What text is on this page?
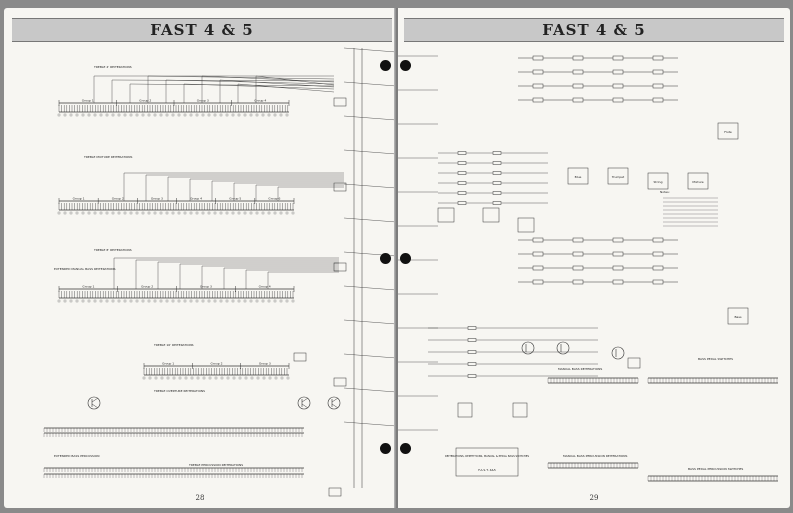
FAST 4 & 5
TREBLE 4' REITERATIONS
TREBLE MIXTURE REITERATIONS
TREBLE 8' REITERATIONS
EXTENDED MANUAL BASS REITERATIONS
TREBLE 16' REITERATIONS
TREBLE OVERTURE REITERATIONS
EXTENDED BASS PERCUSSION
TREBLE PERCUSSION REITERATIONS
Group 1	Group 2	Group 3	Group 4
Group 1	Group 2	Group 3	Group 4	Group 5	Group 6
Group 1	Group 2	Group 3	Group 4
Group 1	Group 2	Group 3
28
FAST 4 & 5
Blue	Trumpet
String	Mixture
Flute
Bass
Notes:
MANUAL BASS REITERATIONS
BASS PEDAL SWITCHES
MANUAL BASS PERCUSSION REITERATIONS
BASS PEDAL PERCUSSION SWITCHES
REITERATIONS, REPETITIONS, MANUAL & PEDAL BASS SWITCHES
F.A.S.T. 4&5
29
